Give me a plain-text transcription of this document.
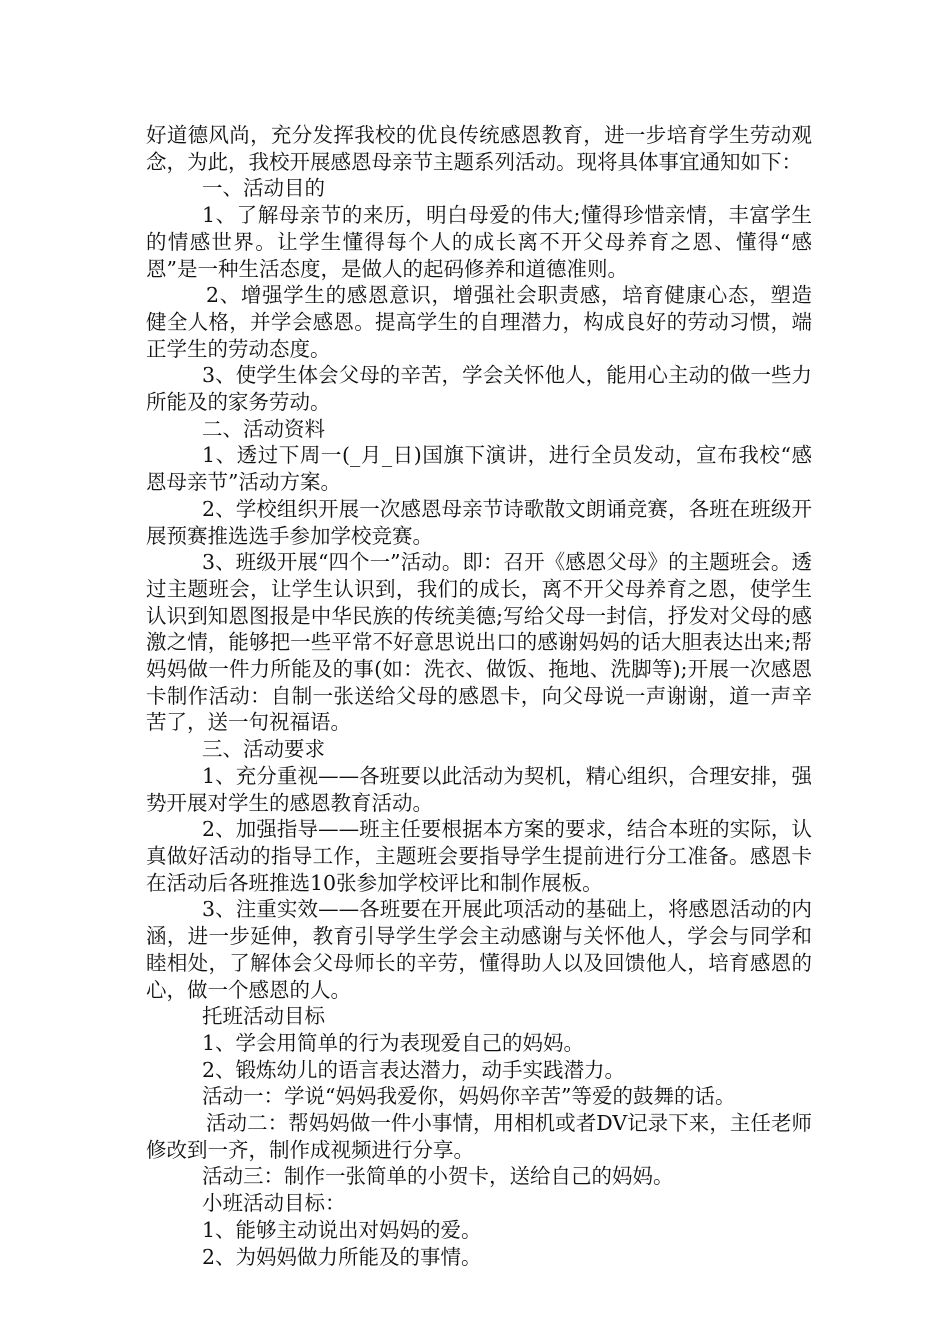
好道德风尚，充分发挥我校的优良传统感恩教育，进一步培育学生劳动观念，为此，我校开展感恩母亲节主题系列活动。现将具体事宜通知如下：

一、活动目的

1、了解母亲节的来历，明白母爱的伟大;懂得珍惜亲情，丰富学生的情感世界。让学生懂得每个人的成长离不开父母养育之恩、懂得“感恩”是一种生活态度，是做人的起码修养和道德准则。

2、增强学生的感恩意识，增强社会职责感，培育健康心态，塑造健全人格，并学会感恩。提高学生的自理潜力，构成良好的劳动习惯，端正学生的劳动态度。

3、使学生体会父母的辛苦，学会关怀他人，能用心主动的做一些力所能及的家务劳动。

二、活动资料

1、透过下周一(_月_日)国旗下演讲，进行全员发动，宣布我校“感恩母亲节”活动方案。

2、学校组织开展一次感恩母亲节诗歌散文朗诵竞赛，各班在班级开展预赛推选选手参加学校竞赛。

3、班级开展“四个一”活动。即：召开《感恩父母》的主题班会。透过主题班会，让学生认识到，我们的成长，离不开父母养育之恩，使学生认识到知恩图报是中华民族的传统美德;写给父母一封信，抒发对父母的感激之情，能够把一些平常不好意思说出口的感谢妈妈的话大胆表达出来;帮妈妈做一件力所能及的事(如：洗衣、做饭、拖地、洗脚等);开展一次感恩卡制作活动：自制一张送给父母的感恩卡，向父母说一声谢谢，道一声辛苦了，送一句祝福语。

三、活动要求

1、充分重视——各班要以此活动为契机，精心组织，合理安排，强势开展对学生的感恩教育活动。

2、加强指导——班主任要根据本方案的要求，结合本班的实际，认真做好活动的指导工作，主题班会要指导学生提前进行分工准备。感恩卡在活动后各班推选10张参加学校评比和制作展板。

3、注重实效——各班要在开展此项活动的基础上，将感恩活动的内涵，进一步延伸，教育引导学生学会主动感谢与关怀他人，学会与同学和睦相处，了解体会父母师长的辛劳，懂得助人以及回馈他人，培育感恩的心，做一个感恩的人。

托班活动目标

1、学会用简单的行为表现爱自己的妈妈。

2、锻炼幼儿的语言表达潜力，动手实践潜力。

活动一：学说“妈妈我爱你，妈妈你辛苦”等爱的鼓舞的话。

活动二：帮妈妈做一件小事情，用相机或者DV记录下来，主任老师修改到一齐，制作成视频进行分享。

活动三：制作一张简单的小贺卡，送给自己的妈妈。

小班活动目标：

1、能够主动说出对妈妈的爱。

2、为妈妈做力所能及的事情。
